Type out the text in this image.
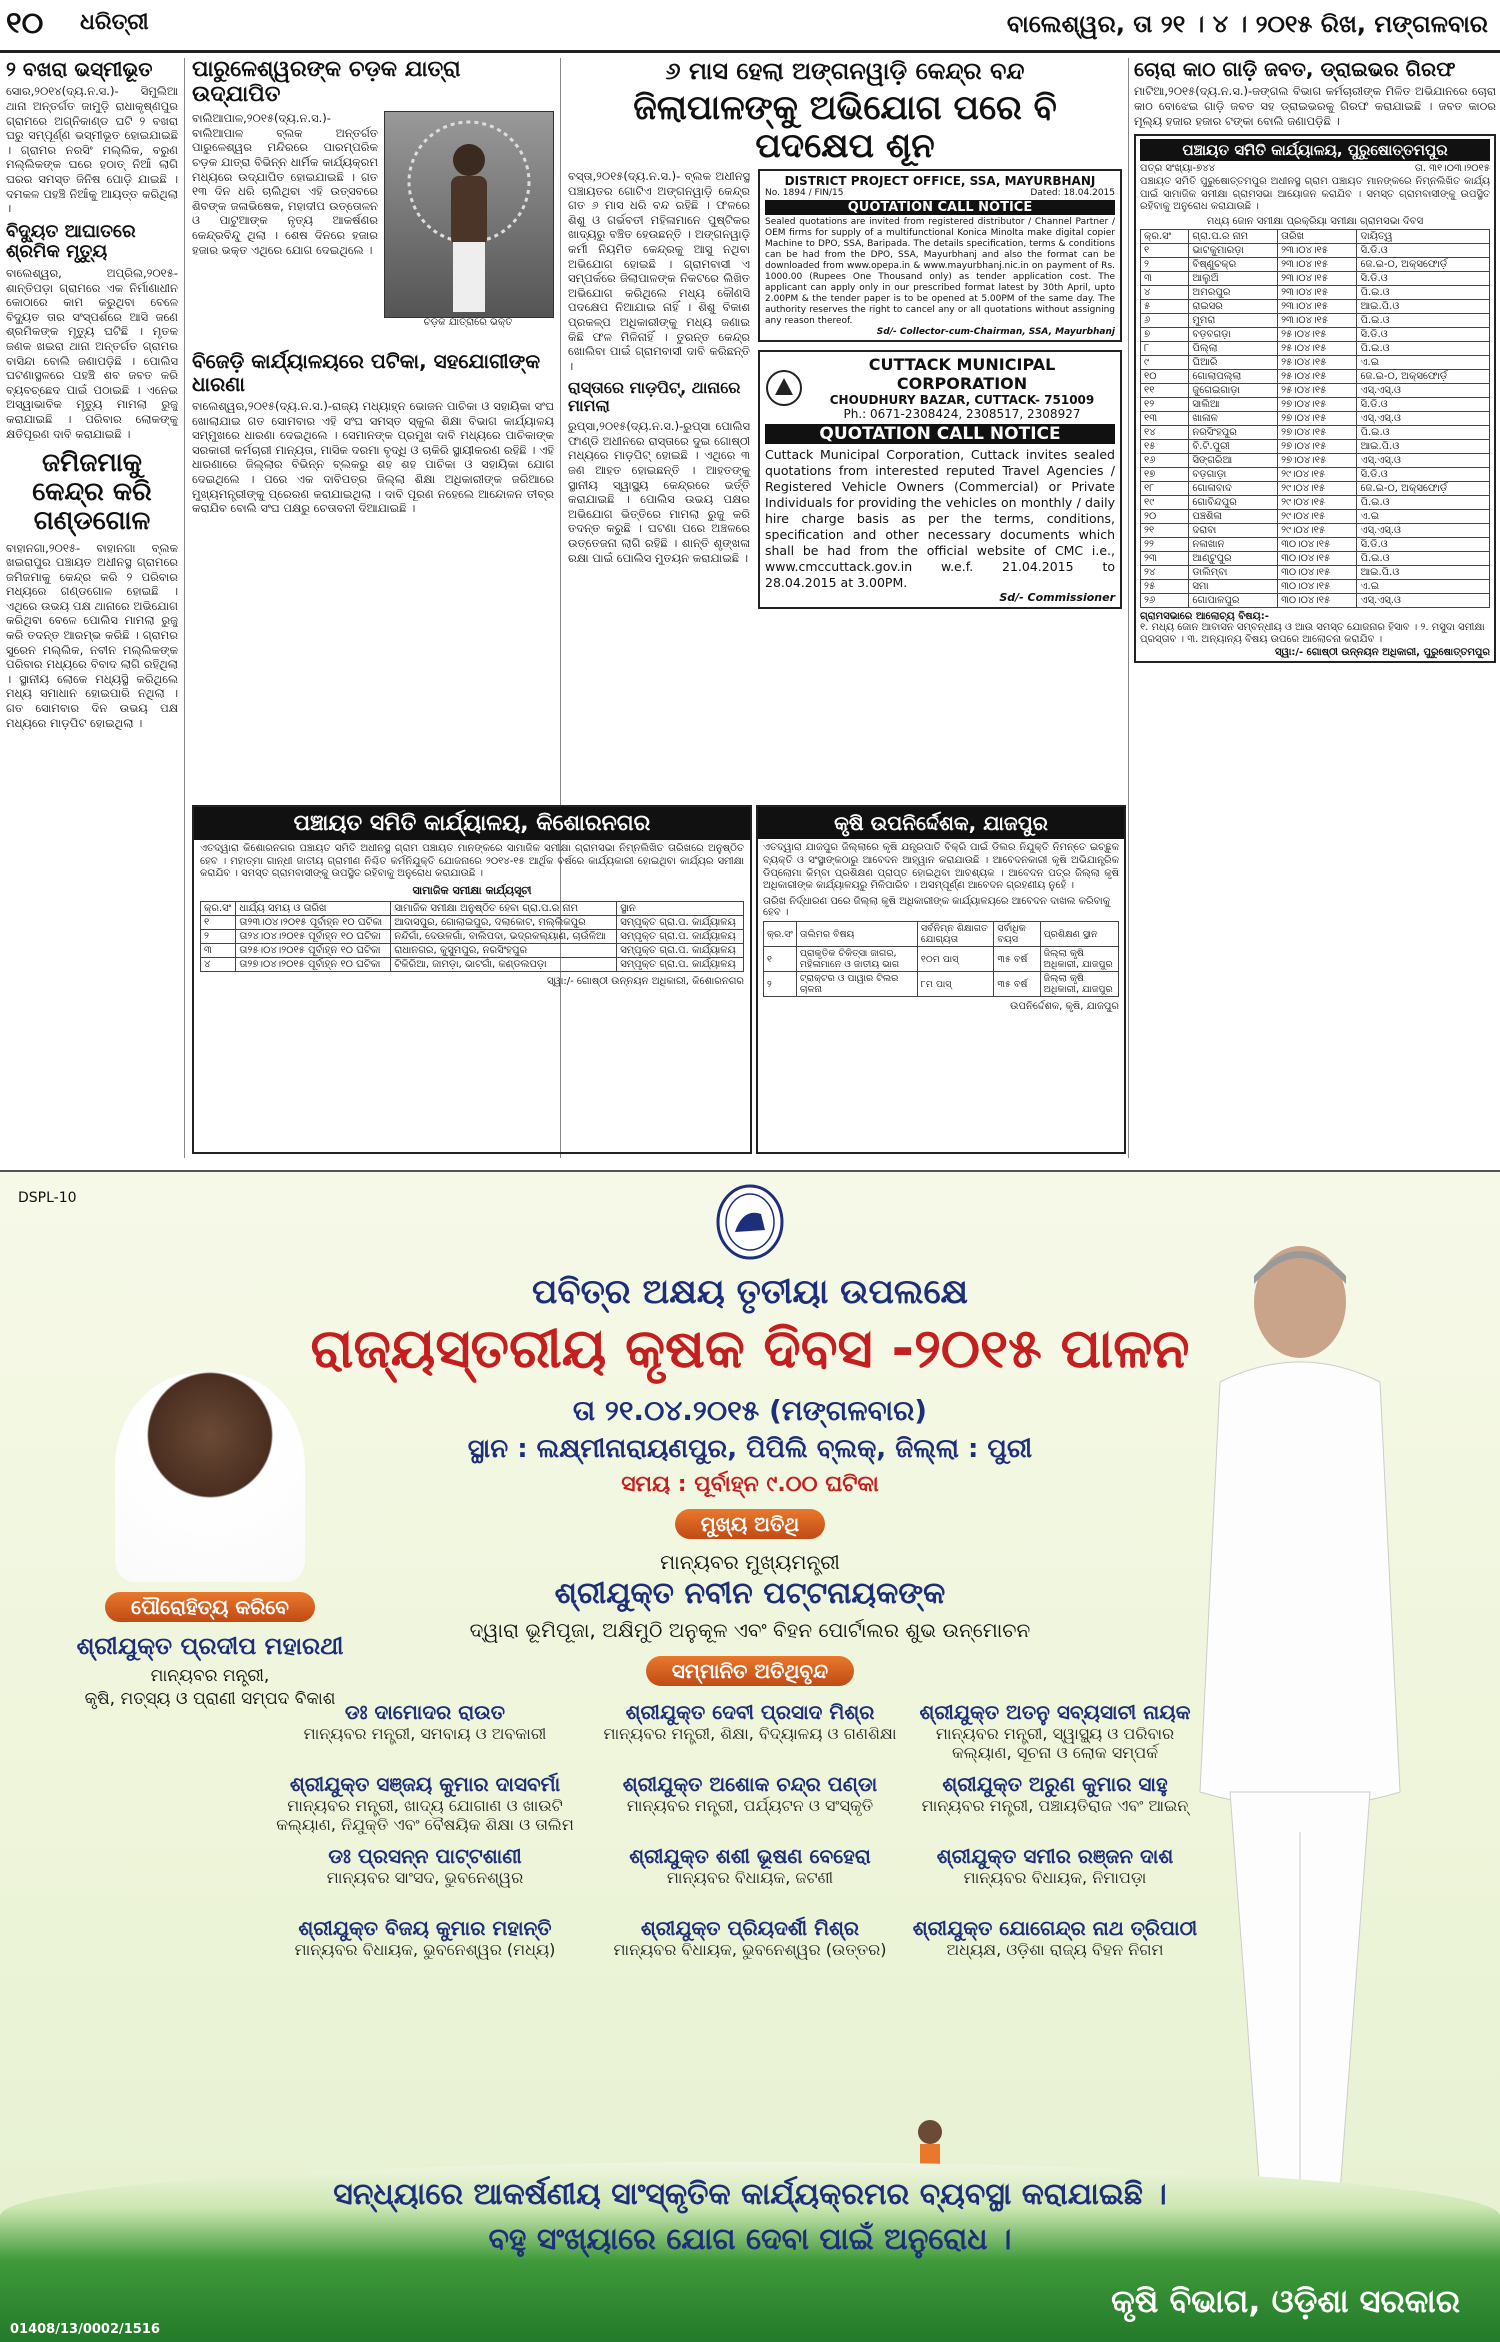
୧୦ ଧରିତ୍ରୀ	ବାଲେଶ୍ୱର, ତା ୨୧ । ୪ । ୨୦୧୫ ରିଖ, ମଙ୍ଗଳବାର
୨ ବଖରା ଭସ୍ମୀଭୂତ

ସୋର,୨୦୧୪(ଦ୍ୟ.ନ.ସ.)- ସିମୁଲିଆ ଥାନା ଅନ୍ତର୍ଗତ ଜାମୁଡ଼ି ରାଧାକୃଷ୍ଣପୁର ଗ୍ରାମରେ ଅଗ୍ନିକାଣ୍ଡ ଘଟି ୨ ବଖରା ଘରୁ ସମ୍ପୂର୍ଣ୍ଣ ଭସ୍ମୀଭୂତ ହୋଇଯାଇଛି । ଗ୍ରାମର ନରସିଂ ମଲ୍ଲିକ, ବରୁଣ ମଲ୍ଲିକଙ୍କ ଘରେ ହଠାତ୍ ନିଆଁ ଲାଗି ଘରର ସମସ୍ତ ଜିନିଷ ପୋଡ଼ି ଯାଇଛି । ଦମକଳ ପହଞ୍ଚି ନିଆଁକୁ ଆୟତ୍ତ କରିଥିଲା ।

ବିଦ୍ୟୁତ ଆଘାତରେ ଶ୍ରମିକ ମୃତ୍ୟୁ

ବାଲେଶ୍ୱର, ଅପ୍ରିଲ,୨୦୧୫- ଶାନ୍ତିପଡ଼ା ଗ୍ରାମରେ ଏକ ନିର୍ମାଣାଧୀନ କୋଠାରେ କାମ କରୁଥିବା ବେଳେ ବିଦ୍ୟୁତ ତାର ସଂସ୍ପର୍ଶରେ ଆସି ଜଣେ ଶ୍ରମିକଙ୍କ ମୃତ୍ୟୁ ଘଟିଛି । ମୃତକ ଜଣକ ଖଇରା ଥାନା ଅନ୍ତର୍ଗତ ଗ୍ରାମର ବାସିନ୍ଦା ବୋଲି ଜଣାପଡ଼ିଛି । ପୋଲିସ ଘଟଣାସ୍ଥଳରେ ପହଞ୍ଚି ଶବ ଜବତ କରି ବ୍ୟବଚ୍ଛେଦ ପାଇଁ ପଠାଇଛି । ଏନେଇ ଅସ୍ୱାଭାବିକ ମୃତ୍ୟୁ ମାମଲା ରୁଜୁ କରାଯାଇଛି । ପରିବାର ଲୋକଙ୍କୁ କ୍ଷତିପୂରଣ ଦାବି କରାଯାଇଛି ।

ଜମିଜମାକୁ କେନ୍ଦ୍ର କରି ଗଣ୍ଡଗୋଳ

ବାହାନଗା,୨୦୧୫- ବାହାନଗା ବ୍ଲକ ଖଇରାପୁର ପଞ୍ଚାୟତ ଅଧୀନସ୍ଥ ଗ୍ରାମରେ ଜମିଜମାକୁ କେନ୍ଦ୍ର କରି ୨ ପରିବାର ମଧ୍ୟରେ ଗଣ୍ଡଗୋଳ ହୋଇଛି । ଏଥିରେ ଉଭୟ ପକ୍ଷ ଥାନାରେ ଅଭିଯୋଗ କରିଥିବା ବେଳେ ପୋଲିସ ମାମଲା ରୁଜୁ କରି ତଦନ୍ତ ଆରମ୍ଭ କରିଛି । ଗ୍ରାମର ସୁରେନ ମଲ୍ଲିକ, ନବୀନ ମଲ୍ଲିକଙ୍କ ପରିବାର ମଧ୍ୟରେ ବିବାଦ ଲାଗି ରହିଥିଲା । ସ୍ଥାନୀୟ ଲୋକେ ମଧ୍ୟସ୍ଥି କରିଥିଲେ ମଧ୍ୟ ସମାଧାନ ହୋଇପାରି ନଥିଲା । ଗତ ସୋମବାର ଦିନ ଉଭୟ ପକ୍ଷ ମଧ୍ୟରେ ମାଡ଼ପିଟ ହୋଇଥିଲା ।

ପାରୁଳେଶ୍ୱରଙ୍କ ଚଡ଼କ ଯାତ୍ରା ଉଦ୍‌ଯାପିତ
ଚଡ଼କ ଯାତ୍ରାରେ ଭକ୍ତ

ବାଲିଆପାଳ,୨୦୧୫(ଦ୍ୟ.ନ.ସ.)- ବାଲିଆପାଳ ବ୍ଲକ ଅନ୍ତର୍ଗତ ପାରୁଳେଶ୍ୱର ମନ୍ଦିରରେ ପାରମ୍ପରିକ ଚଡ଼କ ଯାତ୍ରା ବିଭିନ୍ନ ଧାର୍ମିକ କାର୍ଯ୍ୟକ୍ରମ ମଧ୍ୟରେ ଉଦ୍‌ଯାପିତ ହୋଇଯାଇଛି । ଗତ ୧୩ ଦିନ ଧରି ଚାଲିଥିବା ଏହି ଉତ୍ସବରେ ଶିବଙ୍କ ଜଳାଭିଷେକ, ମହାଦୀପ ଉତ୍ତୋଳନ ଓ ପାଟୁଆଙ୍କ ନୃତ୍ୟ ଆକର୍ଷଣର କେନ୍ଦ୍ରବିନ୍ଦୁ ଥିଲା । ଶେଷ ଦିନରେ ହଜାର ହଜାର ଭକ୍ତ ଏଥିରେ ଯୋଗ ଦେଇଥିଲେ ।

ବିଜେଡ଼ି କାର୍ଯ୍ୟାଳୟରେ ପଟିକା, ସହଯୋଗୀଙ୍କ ଧାରଣା

ବାଲେଶ୍ୱର,୨୦୧୫(ଦ୍ୟ.ନ.ସ.)-ରାଜ୍ୟ ମଧ୍ୟାହ୍ନ ଭୋଜନ ପାଚିକା ଓ ସହାୟିକା ସଂଘ ଖୋଲାଯାଇ ଗତ ସୋମବାର ଏହି ସଂଘ ସମସ୍ତ ସ୍କୁଲ ଶିକ୍ଷା ବିଭାଗ କାର୍ଯ୍ୟାଳୟ ସମ୍ମୁଖରେ ଧାରଣା ଦେଇଥିଲେ । ସେମାନଙ୍କ ପ୍ରମୁଖ ଦାବି ମଧ୍ୟରେ ପାଚିକାଙ୍କ ସରକାରୀ କର୍ମଚାରୀ ମାନ୍ୟତା, ମାସିକ ଦରମା ବୃଦ୍ଧି ଓ ଚାକିରି ସ୍ଥାୟୀକରଣ ରହିଛି । ଏହି ଧାରଣାରେ ଜିଲ୍ଲାର ବିଭିନ୍ନ ବ୍ଲକରୁ ଶହ ଶହ ପାଚିକା ଓ ସହାୟିକା ଯୋଗ ଦେଇଥିଲେ । ପରେ ଏକ ଦାବିପତ୍ର ଜିଲ୍ଲା ଶିକ୍ଷା ଅଧିକାରୀଙ୍କ ଜରିଆରେ ମୁଖ୍ୟମନ୍ତ୍ରୀଙ୍କୁ ପ୍ରେରଣ କରାଯାଇଥିଲା । ଦାବି ପୂରଣ ନହେଲେ ଆନ୍ଦୋଳନ ତୀବ୍ର କରାଯିବ ବୋଲି ସଂଘ ପକ୍ଷରୁ ଚେତାବନୀ ଦିଆଯାଇଛି ।

୬ ମାସ ହେଲା ଅଙ୍ଗନୱାଡ଼ି କେନ୍ଦ୍ର ବନ୍ଦ
ଜିଲାପାଳଙ୍କୁ ଅଭିଯୋଗ ପରେ ବି ପଦକ୍ଷେପ ଶୂନ

ବସ୍ତା,୨୦୧୫(ଦ୍ୟ.ନ.ସ.)- ବ୍ଲକ ଅଧୀନସ୍ଥ ପଞ୍ଚାୟତର ଗୋଟିଏ ଅଙ୍ଗନୱାଡ଼ି କେନ୍ଦ୍ର ଗତ ୬ ମାସ ଧରି ବନ୍ଦ ରହିଛି । ଫଳରେ ଶିଶୁ ଓ ଗର୍ଭବତୀ ମହିଳାମାନେ ପୁଷ୍ଟିକର ଖାଦ୍ୟରୁ ବଞ୍ଚିତ ହେଉଛନ୍ତି । ଅଙ୍ଗନୱାଡ଼ି କର୍ମୀ ନିୟମିତ କେନ୍ଦ୍ରକୁ ଆସୁ ନଥିବା ଅଭିଯୋଗ ହୋଇଛି । ଗ୍ରାମବାସୀ ଏ ସମ୍ପର୍କରେ ଜିଲାପାଳଙ୍କ ନିକଟରେ ଲିଖିତ ଅଭିଯୋଗ କରିଥିଲେ ମଧ୍ୟ କୌଣସି ପଦକ୍ଷେପ ନିଆଯାଇ ନାହିଁ । ଶିଶୁ ବିକାଶ ପ୍ରକଳ୍ପ ଅଧିକାରୀଙ୍କୁ ମଧ୍ୟ ଜଣାଇ କିଛି ଫଳ ମିଳିନାହିଁ । ତୁରନ୍ତ କେନ୍ଦ୍ର ଖୋଲିବା ପାଇଁ ଗ୍ରାମବାସୀ ଦାବି କରିଛନ୍ତି ।

ରାସ୍ତାରେ ମାଡ଼ପିଟ୍, ଥାନାରେ ମାମଲା

ରୁପ୍‌ସା,୨୦୧୫(ଦ୍ୟ.ନ.ସ.)-ରୁପ୍‌ସା ପୋଲିସ ଫାଣ୍ଡି ଅଧୀନରେ ରାସ୍ତାରେ ଦୁଇ ଗୋଷ୍ଠୀ ମଧ୍ୟରେ ମାଡ଼ପିଟ୍ ହୋଇଛି । ଏଥିରେ ୩ ଜଣ ଆହତ ହୋଇଛନ୍ତି । ଆହତଙ୍କୁ ସ୍ଥାନୀୟ ସ୍ୱାସ୍ଥ୍ୟ କେନ୍ଦ୍ରରେ ଭର୍ତ୍ତି କରାଯାଇଛି । ପୋଲିସ ଉଭୟ ପକ୍ଷର ଅଭିଯୋଗ ଭିତ୍ତିରେ ମାମଲା ରୁଜୁ କରି ତଦନ୍ତ କରୁଛି । ଘଟଣା ପରେ ଅଞ୍ଚଳରେ ଉତ୍ତେଜନା ଲାଗି ରହିଛି । ଶାନ୍ତି ଶୃଙ୍ଖଳା ରକ୍ଷା ପାଇଁ ପୋଲିସ ମୁତୟନ କରାଯାଇଛି ।

DISTRICT PROJECT OFFICE, SSA, MAYURBHANJ
No. 1894 / FIN/15	Dated: 18.04.2015
QUOTATION CALL NOTICE
Sealed quotations are invited from registered distributor / Channel Partner / OEM firms for supply of a multifunctional Konica Minolta make digital copier Machine to DPO, SSA, Baripada. The details specification, terms & conditions can be had from the DPO, SSA, Mayurbhanj and also the format can be downloaded from www.opepa.in & www.mayurbhanj.nic.in on payment of Rs. 1000.00 (Rupees One Thousand only) as tender application cost. The applicant can apply only in our prescribed format latest by 30th April, upto 2.00PM & the tender paper is to be opened at 5.00PM of the same day. The authority reserves the right to cancel any or all quotations without assigning any reason thereof.
Sd/- Collector-cum-Chairman, SSA, Mayurbhanj
CUTTACK MUNICIPAL CORPORATION
CHOUDHURY BAZAR, CUTTACK- 751009
Ph.: 0671-2308424, 2308517, 2308927
QUOTATION CALL NOTICE
Cuttack Municipal Corporation, Cuttack invites sealed quotations from interested reputed Travel Agencies / Registered Vehicle Owners (Commercial) or Private Individuals for providing the vehicles on monthly / daily hire charge basis as per the terms, conditions, specification and other necessary documents which shall be had from the official website of CMC i.e., www.cmccuttack.gov.in w.e.f. 21.04.2015 to 28.04.2015 at 3.00PM.
Sd/- Commissioner
ଚୋରା କାଠ ଗାଡ଼ି ଜବତ, ଡ୍ରାଇଭର ଗିରଫ

ମାଟିଆ,୨୦୧୫(ଦ୍ୟ.ନ.ସ.)-ଜଙ୍ଗଲ ବିଭାଗ କର୍ମଚାରୀଙ୍କ ମିଳିତ ଅଭିଯାନରେ ଚୋରା କାଠ ବୋଝେଇ ଗାଡ଼ି ଜବତ ସହ ଡ୍ରାଇଭରକୁ ଗିରଫ କରାଯାଇଛି । ଜବତ କାଠର ମୂଲ୍ୟ ହଜାର ହଜାର ଟଙ୍କା ବୋଲି ଜଣାପଡ଼ିଛି ।

ପଞ୍ଚାୟତ ସମିତି କାର୍ଯ୍ୟାଳୟ, ପୁରୁଷୋତ୍ତମପୁର
ପତ୍ର ସଂଖ୍ୟା-୭୪୪	ତା. ୩୧।୦୩।୨୦୧୫
ପଞ୍ଚାୟତ ସମିତି ପୁରୁଷୋତ୍ତମପୁର ଅଧୀନସ୍ଥ ଗ୍ରାମ ପଞ୍ଚାୟତ ମାନଙ୍କରେ ନିମ୍ନଲିଖିତ କାର୍ଯ୍ୟ ପାଇଁ ସାମାଜିକ ସମୀକ୍ଷା ଗ୍ରାମସଭା ଆୟୋଜନ କରାଯିବ । ସମସ୍ତ ଗ୍ରାମବାସୀଙ୍କୁ ଉପସ୍ଥିତ ରହିବାକୁ ଅନୁରୋଧ କରାଯାଉଛି ।
ମଧ୍ୟ ଜୋନ ସମୀକ୍ଷା ପ୍ରକ୍ରିୟା ସମୀକ୍ଷା ଗ୍ରାମସଭା ଦିବସ
କ୍ର.ସଂ	ଗ୍ରା.ପ.ର ନାମ	ତାରିଖ	ଦାୟିତ୍ୱ
୧	ଭାଟକୁମାରଡ଼ା	୨୩।୦୪।୧୫	ସି.ଡି.ଓ
୨	ବିଷ୍ଣୁଚକ୍ର	୨୩।୦୪।୧୫	ଜେ.ଇ-୦, ଅକ୍ସଫୋର୍ଡ଼
୩	ଆଲୁଅି	୨୩।୦୪।୧୫	ସି.ଡି.ଓ
୪	ଅମରପୁର	୨୩।୦୪।୧୫	ପି.ଇ.ଓ
୫	ରାଇସର	୨୩।୦୪।୧୫	ଆଇ.ପି.ଓ
୬	ମୁମରା	୨୩।୦୪।୧୫	ପି.ଇ.ଓ
୭	ବଡ଼ବଗଡ଼ା	୨୫।୦୪।୧୫	ସି.ଡି.ଓ
୮	ପିଲ୍ଲା	୨୫।୦୪।୧୫	ପି.ଇ.ଓ
୯	ଘିଆରି	୨୫।୦୪।୧୫	ଏ.ଇ
୧୦	ଗୋଲାପଲ୍ଲା	୨୫।୦୪।୧୫	ଜେ.ଇ-୦, ଅକ୍ସଫୋର୍ଡ଼
୧୧	ଜୁଗେଇଗାଡ଼ା	୨୫।୦୪।୧୫	ଏସ୍.ଏସ୍.ଓ
୧୨	ସାଲିଆ	୨୭।୦୪।୧୫	ସି.ଡି.ଓ
୧୩	ଖାଳାଳ	୨୭।୦୪।୧୫	ଏସ୍.ଏସ୍.ଓ
୧୪	ନରସିଂହପୁର	୨୭।୦୪।୧୫	ପି.ଇ.ଓ
୧୫	ବି.ଟି.ପୁରୀ	୨୭।୦୪।୧୫	ଆଇ.ପି.ଓ
୧୬	ସିଙ୍ଗରିଆ	୨୭।୦୪।୧୫	ଏସ୍.ଏସ୍.ଓ
୧୭	ବଡ଼ଗାଡ଼ା	୨୯।୦୪।୧୫	ସି.ଡି.ଓ
୧୮	ଗୋଳାବାଦ	୨୯।୦୪।୧୫	ଜେ.ଇ-୦, ଅକ୍ସଫୋର୍ଡ଼
୧୯	ଗୋବିନ୍ଦପୁର	୨୯।୦୪।୧୫	ପି.ଇ.ଓ
୨୦	ପଞ୍ଚଶିଳା	୨୯।୦୪।୧୫	ଏ.ଇ
୨୧	ଦରାବା	୨୯।୦୪।୧୫	ଏସ୍.ଏସ୍.ଓ
୨୨	ନଳାଖାନ	୩୦।୦୪।୧୫	ସି.ଡି.ଓ
୨୩	ଆଣ୍ଟୁପୁର	୩୦।୦୪।୧୫	ପି.ଇ.ଓ
୨୪	ଡାଲିମ୍ବା	୩୦।୦୪।୧୫	ଆଇ.ପି.ଓ
୨୫	ସମା	୩୦।୦୪।୧୫	ଏ.ଇ
୨୬	ଗୋପାଳପୁର	୩୦।୦୪।୧୫	ଏସ୍.ଏସ୍.ଓ
ଗ୍ରାମସଭାରେ ଆଲୋଚ୍ୟ ବିଷୟ:-
୧. ମଧ୍ୟ ଜୋନ ଆବାସନ ସମ୍ବନ୍ଧୀୟ ଓ ଆଉ ସମସ୍ତ ଯୋଜନାର ହିସାବ । ୨. ମସୁଦା ସମୀକ୍ଷା ପ୍ରସ୍ତାବ । ୩. ଅନ୍ୟାନ୍ୟ ବିଷୟ ଉପରେ ଆଲୋଚନା କରାଯିବ ।
ସ୍ୱା:/- ଗୋଷ୍ଠୀ ଉନ୍ନୟନ ଅଧିକାରୀ, ପୁରୁଷୋତ୍ତମପୁର
ପଞ୍ଚାୟତ ସମିତି କାର୍ଯ୍ୟାଳୟ, କିଶୋରନଗର
ଏତଦ୍ୱାରା କିଶୋରନଗର ପଞ୍ଚାୟତ ସମିତି ଅଧୀନସ୍ଥ ଗ୍ରାମ ପଞ୍ଚାୟତ ମାନଙ୍କରେ ସାମାଜିକ ସମୀକ୍ଷା ଗ୍ରାମସଭା ନିମ୍ନଲିଖିତ ତାରିଖରେ ଅନୁଷ୍ଠିତ ହେବ । ମହାତ୍ମା ଗାନ୍ଧୀ ଜାତୀୟ ଗ୍ରାମୀଣ ନିଶ୍ଚିତ କର୍ମନିଯୁକ୍ତି ଯୋଜନାରେ ୨୦୧୪-୧୫ ଆର୍ଥିକ ବର୍ଷରେ କାର୍ଯ୍ୟକାରୀ ହୋଇଥିବା କାର୍ଯ୍ୟର ସମୀକ୍ଷା କରାଯିବ । ସମସ୍ତ ଗ୍ରାମବାସୀଙ୍କୁ ଉପସ୍ଥିତ ରହିବାକୁ ଅନୁରୋଧ କରାଯାଉଛି ।
ସାମାଜିକ ସମୀକ୍ଷା କାର୍ଯ୍ୟସୂଚୀ
କ୍ର.ସଂ	ଧାର୍ଯ୍ୟ ସମୟ ଓ ତାରିଖ	ସାମାଜିକ ସମୀକ୍ଷା ଅନୁଷ୍ଠିତ ହେବା ଗ୍ରା.ପ.ର ନାମ	ସ୍ଥାନ
୧	ତା୨୩।୦୪।୨୦୧୫ ପୂର୍ବାହ୍ନ ୧୦ ଘଟିକା	ଆଦାସପୁର, ଗୋଲାଇପୁର, ଦଲାକୋଟ, ମଲ୍ଲିକପୁର	ସମ୍ପୃକ୍ତ ଗ୍ରା.ପ. କାର୍ଯ୍ୟାଳୟ
୨	ତା୨୪।୦୪।୨୦୧୫ ପୂର୍ବାହ୍ନ ୧୦ ଘଟିକା	ନନ୍ଦିଗାଁ, ଦେଉଳଗାଁ, ବାଲିପଦା, ଭଦ୍ରକଲ୍ୟାଣ, ଚାଉଁଳିଆ	ସମ୍ପୃକ୍ତ ଗ୍ରା.ପ. କାର୍ଯ୍ୟାଳୟ
୩	ତା୨୫।୦୪।୨୦୧୫ ପୂର୍ବାହ୍ନ ୧୦ ଘଟିକା	ରାଧାନଗର, କୁସୁମପୁର, ନରସିଂହପୁର	ସମ୍ପୃକ୍ତ ଗ୍ରା.ପ. କାର୍ଯ୍ୟାଳୟ
୪	ତା୨୭।୦୪।୨୦୧୫ ପୂର୍ବାହ୍ନ ୧୦ ଘଟିକା	ଟିକିରିଆ, ଜାମଡ଼ା, ଭାଟଗାଁ, କଣ୍ଡଲପଡ଼ା	ସମ୍ପୃକ୍ତ ଗ୍ରା.ପ. କାର୍ଯ୍ୟାଳୟ
ସ୍ୱା:/- ଗୋଷ୍ଠୀ ଉନ୍ନୟନ ଅଧିକାରୀ, କିଶୋରନଗର
କୃଷି ଉପନିର୍ଦ୍ଦେଶକ, ଯାଜପୁର
ଏତଦ୍ୱାରା ଯାଜପୁର ଜିଲ୍ଲାରେ କୃଷି ଯନ୍ତ୍ରପାତି ବିକ୍ରି ପାଇଁ ଡିଲର ନିଯୁକ୍ତି ନିମନ୍ତେ ଇଚ୍ଛୁକ ବ୍ୟକ୍ତି ଓ ସଂସ୍ଥାଙ୍କଠାରୁ ଆବେଦନ ଆହ୍ୱାନ କରାଯାଉଛି । ଆବେଦନକାରୀ କୃଷି ଅଭିଯାନ୍ତ୍ରିକ ଡିପ୍ଲୋମା କିମ୍ବା ପ୍ରଶିକ୍ଷଣ ପ୍ରାପ୍ତ ହୋଇଥିବା ଆବଶ୍ୟକ । ଆବେଦନ ପତ୍ର ଜିଲ୍ଲା କୃଷି ଅଧିକାରୀଙ୍କ କାର୍ଯ୍ୟାଳୟରୁ ମିଳିପାରିବ । ଅସମ୍ପୂର୍ଣ୍ଣ ଆବେଦନ ଗ୍ରହଣୀୟ ନୁହେଁ ।
ତାରିଖ ନିର୍ଦ୍ଧାରଣ ପରେ ଜିଲ୍ଲା କୃଷି ଅଧିକାରୀଙ୍କ କାର୍ଯ୍ୟାଳୟରେ ଆବେଦନ ଦାଖଲ କରିବାକୁ ହେବ ।
କ୍ର.ସଂ	ତାଲିମର ବିଷୟ	ସର୍ବନିମ୍ନ ଶିକ୍ଷାଗତ ଯୋଗ୍ୟତା	ସର୍ବାଧିକ ବୟସ	ପ୍ରଶିକ୍ଷଣ ସ୍ଥାନ
୧	ପ୍ରାକୃତିକ ଚିକିତ୍ସା ଜାଗର, ମହିଳାମାନେ ଓ ଜାତୀୟ ଭାଗ	୧୦ମ ପାସ୍	୩୫ ବର୍ଷ	ଜିଲ୍ଲା କୃଷି ଅଧିକାରୀ, ଯାଜପୁର
୨	ଟ୍ରାକ୍ଟର ଓ ପାୱାର ଟିଲର ଚାଳନା	୮ମ ପାସ୍	୩୫ ବର୍ଷ	ଜିଲ୍ଲା କୃଷି ଅଧିକାରୀ, ଯାଜପୁର
ଉପନିର୍ଦ୍ଦେଶକ, କୃଷି, ଯାଜପୁର
DSPL-10
ପବିତ୍ର ଅକ୍ଷୟ ତୃତୀୟା ଉପଲକ୍ଷେ
ରାଜ୍ୟସ୍ତରୀୟ କୃଷକ ଦିବସ -୨୦୧୫ ପାଳନ
ତା ୨୧.୦୪.୨୦୧୫ (ମଙ୍ଗଳବାର)
ସ୍ଥାନ : ଲକ୍ଷ୍ମୀନାରାୟଣପୁର, ପିପିଲି ବ୍ଲକ୍, ଜିଲ୍ଲା : ପୁରୀ
ସମୟ : ପୂର୍ବାହ୍ନ ୯.୦୦ ଘଟିକା
ମୁଖ୍ୟ ଅତିଥି
ମାନ୍ୟବର ମୁଖ୍ୟମନ୍ତ୍ରୀ
ଶ୍ରୀଯୁକ୍ତ ନବୀନ ପଟ୍ଟନାୟକଙ୍କ
ଦ୍ୱାରା ଭୂମିପୂଜା, ଅକ୍ଷିମୁଠି ଅନୁକୂଳ ଏବଂ ବିହନ ପୋର୍ଟାଲର ଶୁଭ ଉନ୍ମୋଚନ
ସମ୍ମାନିତ ଅତିଥିବୃନ୍ଦ
ପୌରୋହିତ୍ୟ କରିବେ
ଶ୍ରୀଯୁକ୍ତ ପ୍ରଦୀପ ମହାରଥୀ
ମାନ୍ୟବର ମନ୍ତ୍ରୀ,
କୃଷି, ମତ୍ସ୍ୟ ଓ ପ୍ରାଣୀ ସମ୍ପଦ ବିକାଶ
ଡଃ ଦାମୋଦର ରାଉତ
ମାନ୍ୟବର ମନ୍ତ୍ରୀ, ସମବାୟ ଓ ଅବକାରୀ
ଶ୍ରୀଯୁକ୍ତ ଦେବୀ ପ୍ରସାଦ ମିଶ୍ର
ମାନ୍ୟବର ମନ୍ତ୍ରୀ, ଶିକ୍ଷା, ବିଦ୍ୟାଳୟ ଓ ଗଣଶିକ୍ଷା
ଶ୍ରୀଯୁକ୍ତ ଅତନୁ ସବ୍ୟସାଚୀ ନାୟକ
ମାନ୍ୟବର ମନ୍ତ୍ରୀ, ସ୍ୱାସ୍ଥ୍ୟ ଓ ପରିବାର କଲ୍ୟାଣ, ସୂଚନା ଓ ଲୋକ ସମ୍ପର୍କ
ଶ୍ରୀଯୁକ୍ତ ସଞ୍ଜୟ କୁମାର ଦାସବର୍ମା
ମାନ୍ୟବର ମନ୍ତ୍ରୀ, ଖାଦ୍ୟ ଯୋଗାଣ ଓ ଖାଉଟି କଲ୍ୟାଣ, ନିଯୁକ୍ତି ଏବଂ ବୈଷୟିକ ଶିକ୍ଷା ଓ ତାଲିମ
ଶ୍ରୀଯୁକ୍ତ ଅଶୋକ ଚନ୍ଦ୍ର ପଣ୍ଡା
ମାନ୍ୟବର ମନ୍ତ୍ରୀ, ପର୍ଯ୍ୟଟନ ଓ ସଂସ୍କୃତି
ଶ୍ରୀଯୁକ୍ତ ଅରୁଣ କୁମାର ସାହୁ
ମାନ୍ୟବର ମନ୍ତ୍ରୀ, ପଞ୍ଚାୟତିରାଜ ଏବଂ ଆଇନ୍
ଡଃ ପ୍ରସନ୍ନ ପାଟ୍ଟଶାଣୀ
ମାନ୍ୟବର ସାଂସଦ, ଭୁବନେଶ୍ୱର
ଶ୍ରୀଯୁକ୍ତ ଶଶୀ ଭୂଷଣ ବେହେରା
ମାନ୍ୟବର ବିଧାୟକ, ଜଟଣୀ
ଶ୍ରୀଯୁକ୍ତ ସମୀର ରଞ୍ଜନ ଦାଶ
ମାନ୍ୟବର ବିଧାୟକ, ନିମାପଡ଼ା
ଶ୍ରୀଯୁକ୍ତ ବିଜୟ କୁମାର ମହାନ୍ତି
ମାନ୍ୟବର ବିଧାୟକ, ଭୁବନେଶ୍ୱର (ମଧ୍ୟ)
ଶ୍ରୀଯୁକ୍ତ ପ୍ରିୟଦର୍ଶୀ ମିଶ୍ର
ମାନ୍ୟବର ବିଧାୟକ, ଭୁବନେଶ୍ୱର (ଉତ୍ତର)
ଶ୍ରୀଯୁକ୍ତ ଯୋଗେନ୍ଦ୍ର ନାଥ ତ୍ରିପାଠୀ
ଅଧ୍ୟକ୍ଷ, ଓଡ଼ିଶା ରାଜ୍ୟ ବିହନ ନିଗମ
ସନ୍ଧ୍ୟାରେ ଆକର୍ଷଣୀୟ ସାଂସ୍କୃତିକ କାର୍ଯ୍ୟକ୍ରମର ବ୍ୟବସ୍ଥା କରାଯାଇଛି ।
ବହୁ ସଂଖ୍ୟାରେ ଯୋଗ ଦେବା ପାଇଁ ଅନୁରୋଧ ।
କୃଷି ବିଭାଗ, ଓଡ଼ିଶା ସରକାର
01408/13/0002/1516
